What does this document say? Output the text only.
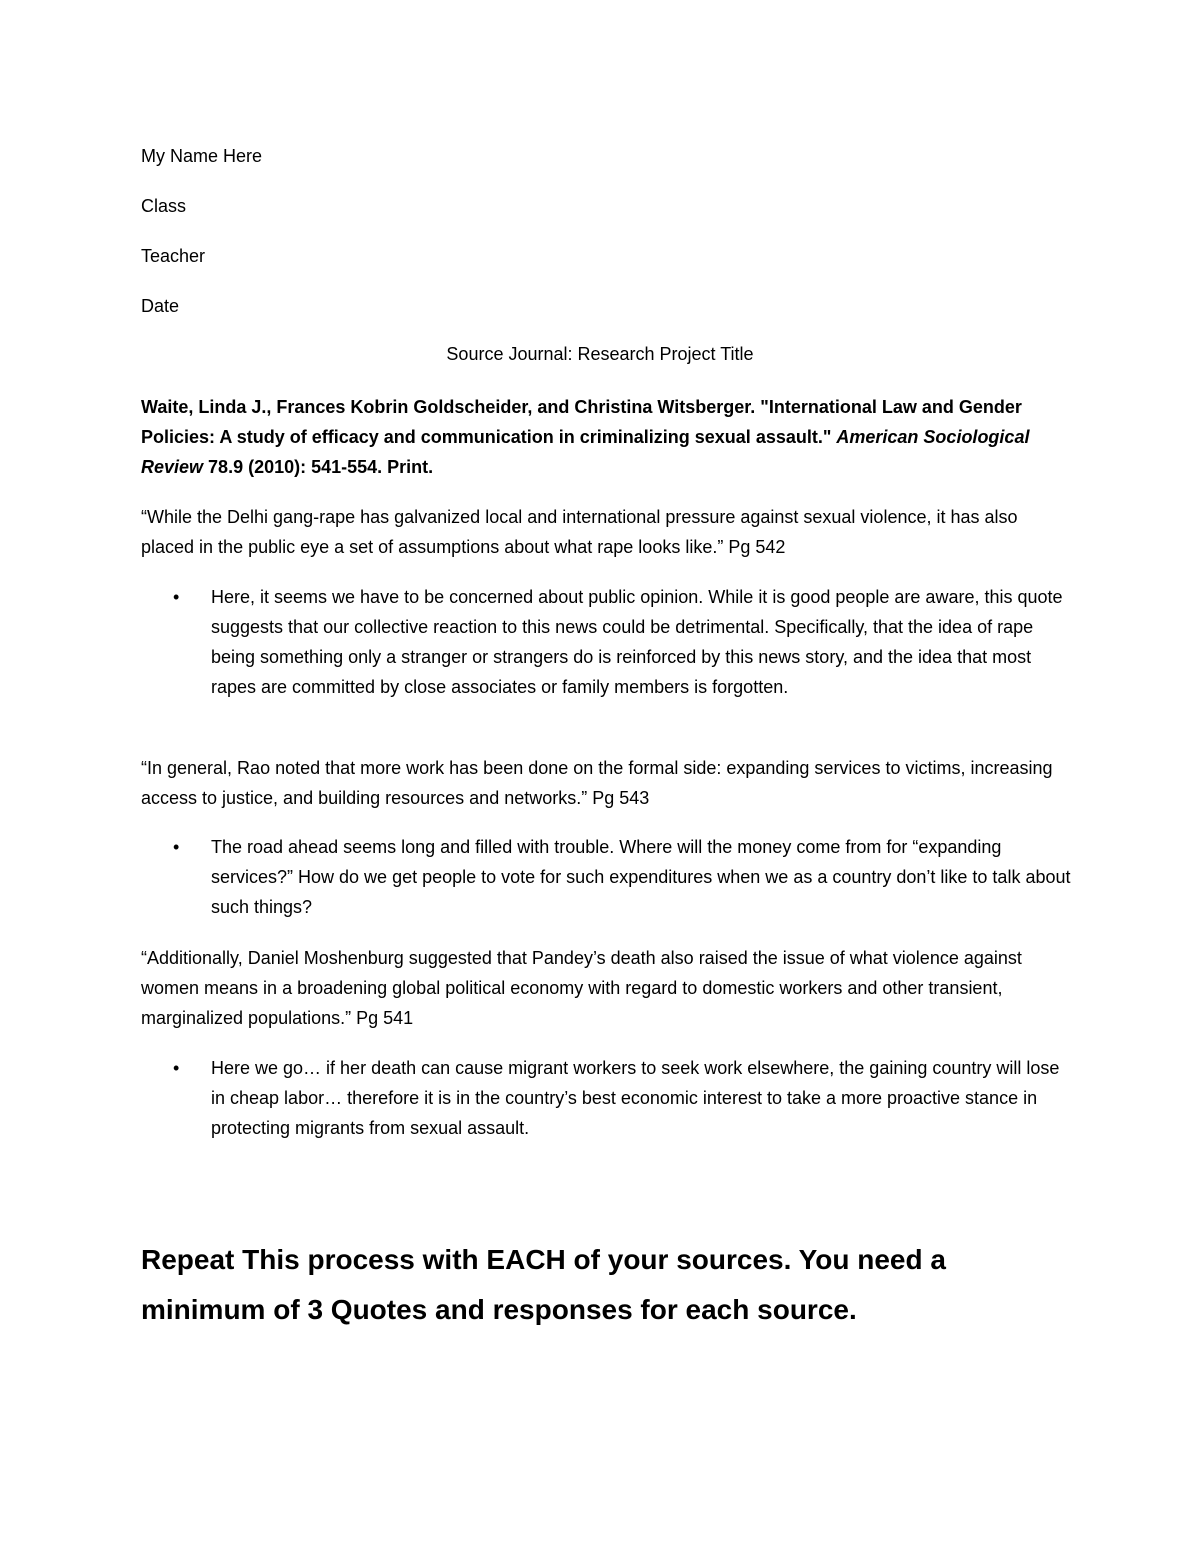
My Name Here

Class

Teacher

Date

Source Journal: Research Project Title

Waite, Linda J., Frances Kobrin Goldscheider, and Christina Witsberger. "International Law and Gender Policies: A study of efficacy and communication in criminalizing sexual assault." American Sociological Review 78.9 (2010): 541-554. Print.

“While the Delhi gang-rape has galvanized local and international pressure against sexual violence, it has also placed in the public eye a set of assumptions about what rape looks like.” Pg 542

• Here, it seems we have to be concerned about public opinion. While it is good people are aware, this quote suggests that our collective reaction to this news could be detrimental. Specifically, that the idea of rape being something only a stranger or strangers do is reinforced by this news story, and the idea that most rapes are committed by close associates or family members is forgotten.

“In general, Rao noted that more work has been done on the formal side: expanding services to victims, increasing access to justice, and building resources and networks.” Pg 543

• The road ahead seems long and filled with trouble. Where will the money come from for “expanding services?” How do we get people to vote for such expenditures when we as a country don’t like to talk about such things?

“Additionally, Daniel Moshenburg suggested that Pandey’s death also raised the issue of what violence against women means in a broadening global political economy with regard to domestic workers and other transient, marginalized populations.” Pg 541

• Here we go… if her death can cause migrant workers to seek work elsewhere, the gaining country will lose in cheap labor… therefore it is in the country’s best economic interest to take a more proactive stance in protecting migrants from sexual assault.

Repeat This process with EACH of your sources. You need a minimum of 3 Quotes and responses for each source.
